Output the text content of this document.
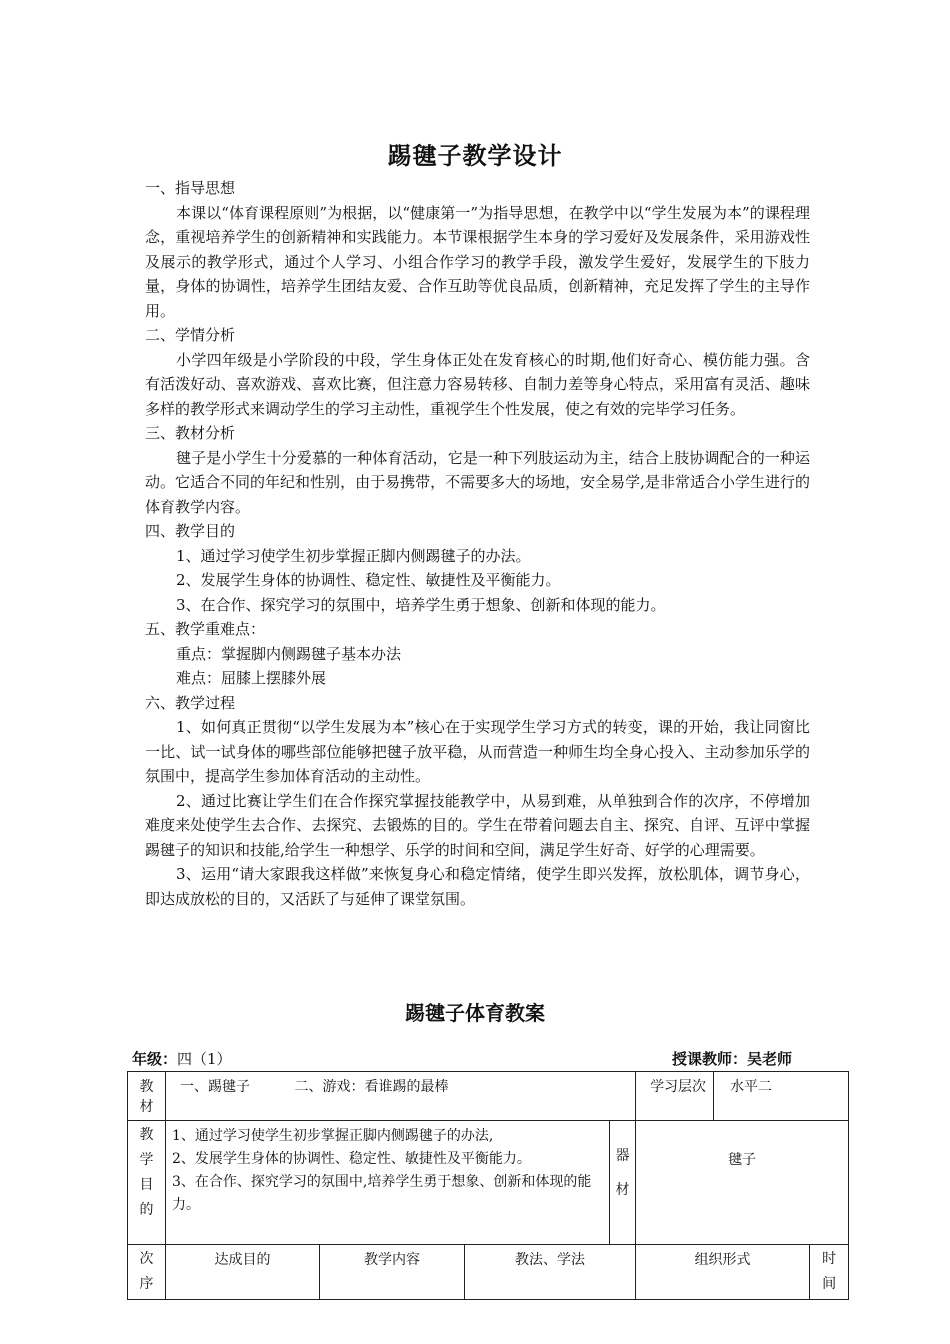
踢毽子教学设计

一、指导思想

本课以“体育课程原则”为根据，以“健康第一”为指导思想，在教学中以“学生发展为本”的课程理念，重视培养学生的创新精神和实践能力。本节课根据学生本身的学习爱好及发展条件，采用游戏性及展示的教学形式，通过个人学习、小组合作学习的教学手段，激发学生爱好，发展学生的下肢力量，身体的协调性，培养学生团结友爱、合作互助等优良品质，创新精神，充足发挥了学生的主导作用。

二、学情分析

小学四年级是小学阶段的中段，学生身体正处在发育核心的时期,他们好奇心、模仿能力强。含有活泼好动、喜欢游戏、喜欢比赛，但注意力容易转移、自制力差等身心特点，采用富有灵活、趣味多样的教学形式来调动学生的学习主动性，重视学生个性发展，使之有效的完毕学习任务。

三、教材分析

毽子是小学生十分爱慕的一种体育活动，它是一种下列肢运动为主，结合上肢协调配合的一种运动。它适合不同的年纪和性别，由于易携带，不需要多大的场地，安全易学,是非常适合小学生进行的体育教学内容。

四、教学目的

1、通过学习使学生初步掌握正脚内侧踢毽子的办法。

2、发展学生身体的协调性、稳定性、敏捷性及平衡能力。

3、在合作、探究学习的氛围中，培养学生勇于想象、创新和体现的能力。

五、教学重难点：

重点：掌握脚内侧踢毽子基本办法

难点：屈膝上摆膝外展

六、教学过程

1、如何真正贯彻“以学生发展为本”核心在于实现学生学习方式的转变，课的开始，我让同窗比一比、试一试身体的哪些部位能够把毽子放平稳，从而营造一种师生均全身心投入、主动参加乐学的氛围中，提高学生参加体育活动的主动性。

2、通过比赛让学生们在合作探究掌握技能教学中，从易到难，从单独到合作的次序，不停增加难度来处使学生去合作、去探究、去锻炼的目的。学生在带着问题去自主、探究、自评、互评中掌握踢毽子的知识和技能,给学生一种想学、乐学的时间和空间，满足学生好奇、好学的心理需要。

3、运用“请大家跟我这样做”来恢复身心和稳定情绪，使学生即兴发挥，放松肌体，调节身心，即达成放松的目的，又活跃了与延伸了课堂氛围。

踢毽子体育教案
年级：四（1）	授课教师：吴老师
教 材	一、踢毽子          二、游戏：看谁踢的最棒				学习层次	水平二	

教学目的	1、通过学习使学生初步掌握正脚内侧踢毽子的办法,
2、发展学生身体的协调性、稳定性、敏捷性及平衡能力。
3、在合作、探究学习的氛围中,培养学生勇于想象、创新和体现的能力。			器材	毽子		

次序	达成目的	教学内容	教法、学法		组织形式		时间
